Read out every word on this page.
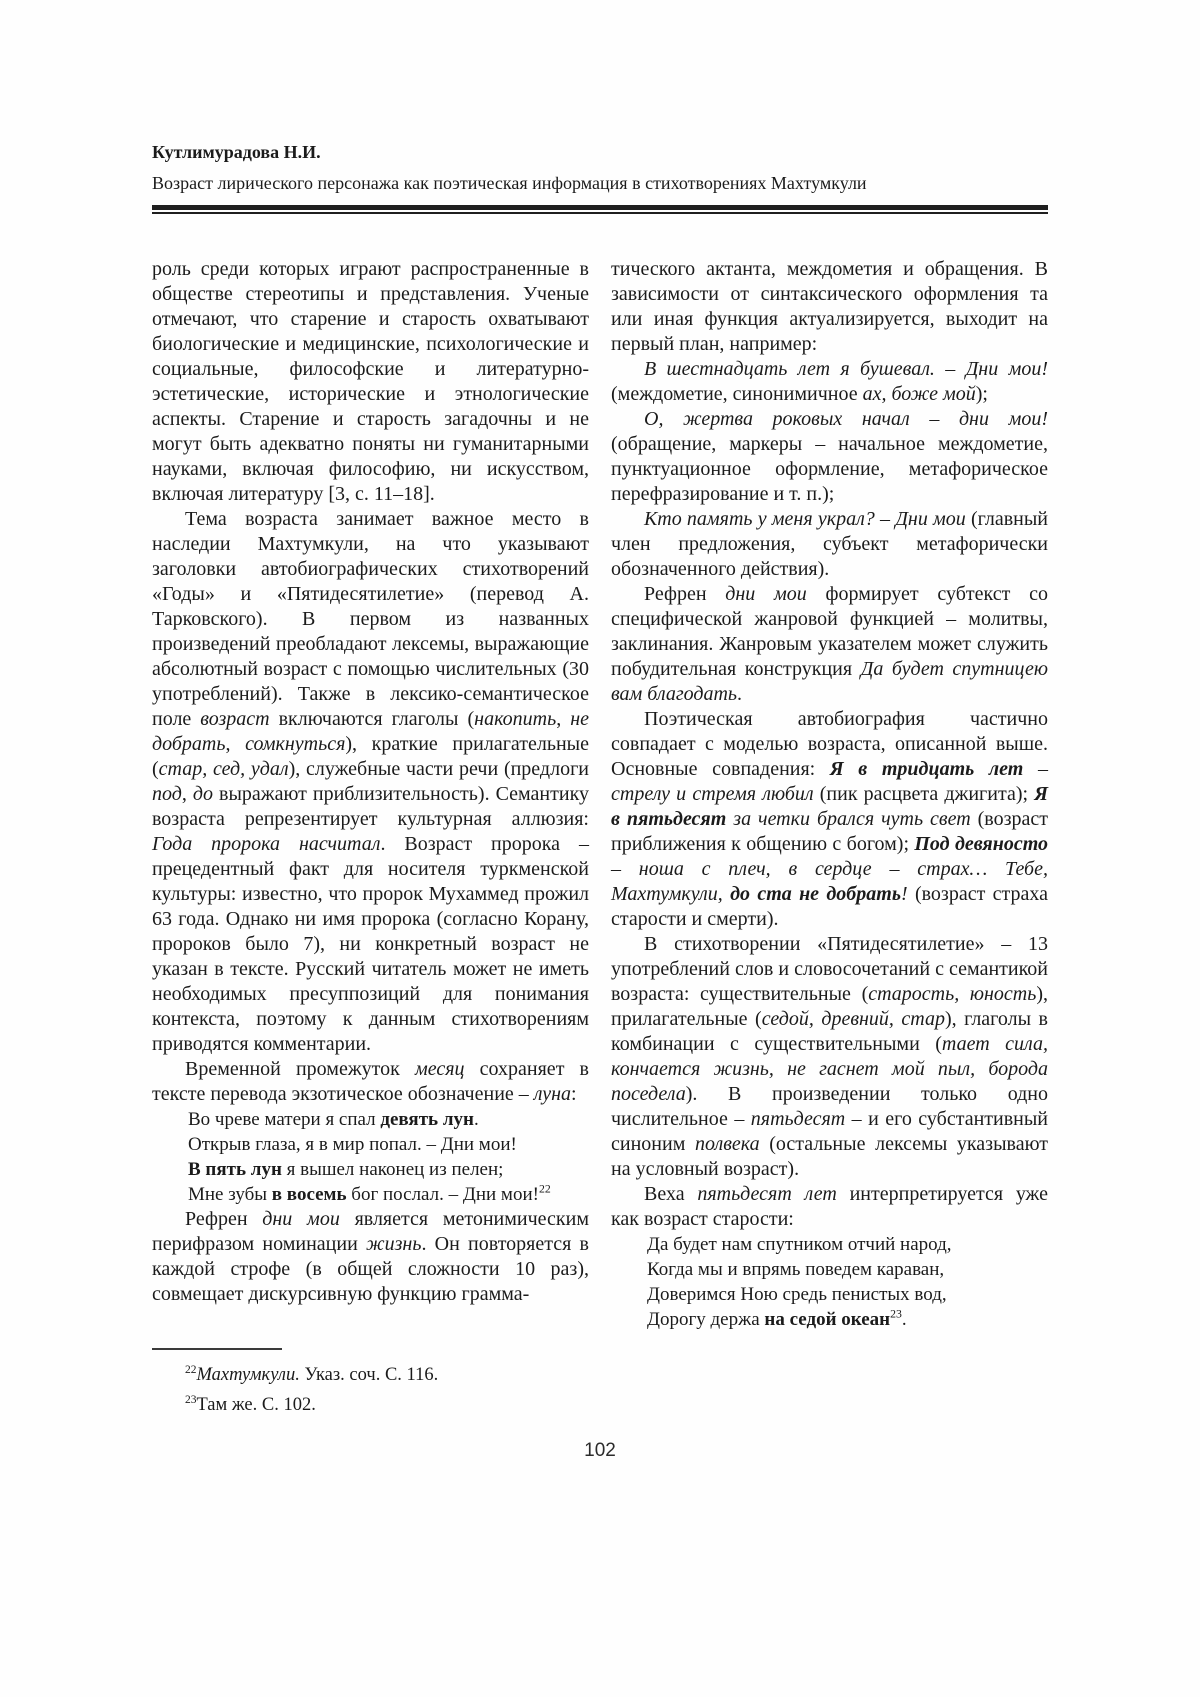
Кутлимурадова Н.И.

Возраст лирического персонажа как поэтическая информация в стихотворениях Махтумкули

роль среди которых играют распространенные в обществе стереотипы и представления. Ученые отмечают, что старение и старость охватывают биологические и медицинские, психологические и социальные, философские и литературно-эстетические, исторические и этнологические аспекты. Старение и старость загадочны и не могут быть адекватно поняты ни гуманитарными науками, включая философию, ни искусством, включая литературу [3, с. 11–18].

Тема возраста занимает важное место в наследии Махтумкули, на что указывают заголовки автобиографических стихотворений «Годы» и «Пятидесятилетие» (перевод А. Тарковского). В первом из названных произведений преобладают лексемы, выражающие абсолютный возраст с помощью числительных (30 употреблений). Также в лексико-семантическое поле возраст включаются глаголы (накопить, не добрать, сомкнуться), краткие прилагательные (стар, сед, удал), служебные части речи (предлоги под, до выражают приблизительность). Семантику возраста репрезентирует культурная аллюзия: Года пророка насчитал. Возраст пророка – прецедентный факт для носителя туркменской культуры: известно, что пророк Мухаммед прожил 63 года. Однако ни имя пророка (согласно Корану, пророков было 7), ни конкретный возраст не указан в тексте. Русский читатель может не иметь необходимых пресуппозиций для понимания контекста, поэтому к данным стихотворениям приводятся комментарии.

Временной промежуток месяц сохраняет в тексте перевода экзотическое обозначение – луна:

Во чреве матери я спал девять лун.
Открыв глаза, я в мир попал. – Дни мои!
В пять лун я вышел наконец из пелен;
Мне зубы в восемь бог послал. – Дни мои!$^{22}$

Рефрен дни мои является метонимическим перифразом номинации жизнь. Он повторяется в каждой строфе (в общей сложности 10 раз), совмещает дискурсивную функцию грамма-

тического актанта, междометия и обращения. В зависимости от синтаксического оформления та или иная функция актуализируется, выходит на первый план, например:

В шестнадцать лет я бушевал. – Дни мои! (междометие, синонимичное ах, боже мой);

О, жертва роковых начал – дни мои! (обращение, маркеры – начальное междометие, пунктуационное оформление, метафорическое перефразирование и т. п.);

Кто память у меня украл? – Дни мои (главный член предложения, субъект метафорически обозначенного действия).

Рефрен дни мои формирует субтекст со специфической жанровой функцией – молитвы, заклинания. Жанровым указателем может служить побудительная конструкция Да будет спутницею вам благодать.

Поэтическая автобиография частично совпадает с моделью возраста, описанной выше. Основные совпадения: Я в тридцать лет – стрелу и стремя любил (пик расцвета джигита); Я в пятьдесят за четки брался чуть свет (возраст приближения к общению с богом); Под девяносто – ноша с плеч, в сердце – страх… Тебе, Махтумкули, до ста не добрать! (возраст страха старости и смерти).

В стихотворении «Пятидесятилетие» – 13 употреблений слов и словосочетаний с семантикой возраста: существительные (старость, юность), прилагательные (седой, древний, стар), глаголы в комбинации с существительными (тает сила, кончается жизнь, не гаснет мой пыл, борода поседела). В произведении только одно числительное – пятьдесят – и его субстантивный синоним полвека (остальные лексемы указывают на условный возраст).

Веха пятьдесят лет интерпретируется уже как возраст старости:

Да будет нам спутником отчий народ,
Когда мы и впрямь поведем караван,
Доверимся Ною средь пенистых вод,
Дорогу держа на седой океан$^{23}$.

$^{22}$Махтумкули. Указ. соч. С. 116.

$^{23}$Там же. С. 102.

102
